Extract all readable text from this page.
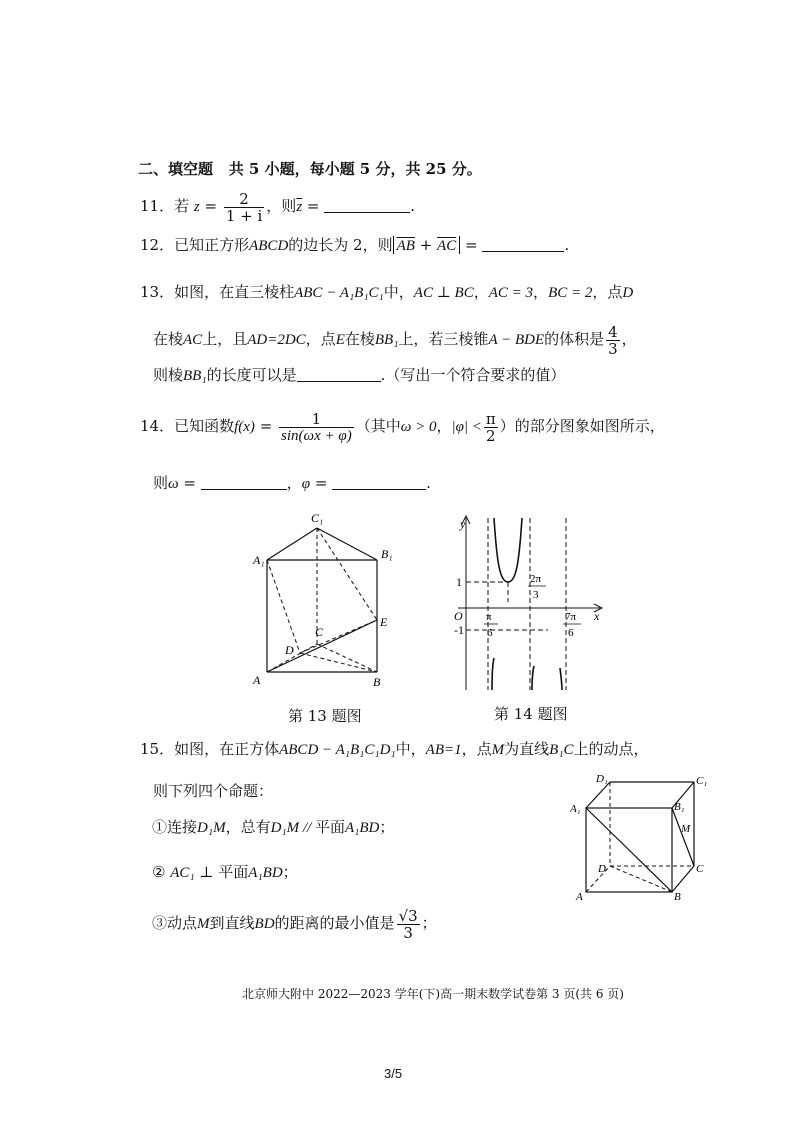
二、填空题 共 5 小题，每小题 5 分，共 25 分。
11．若 $z = \frac{2}{1 + i}$ ，则$\overline{z}$ =	.
12．已知正方形ABCD的边长为 2，则 $\overline{AB} + \overline{AC}$ =	.
13．如图，在直三棱柱ABC − A₁B₁C₁中，AC ⊥ BC，AC = 3，BC = 2，点D
在棱AC上，且AD=2DC，点E在棱BB₁上，若三棱锥A − BDE的体积是 $\frac{4}{3}$ ，
则棱BB₁的长度可以是	.（写出一个符合要求的值）
14．已知函数$f(x) = \frac{1}{\sin(\omega x + \varphi)}$ （其中ω > 0，$|\varphi| < \frac{\pi}{2}$ ）的部分图象如图所示，
则ω =	，φ =	.
C₁
A₁	B₁
C
D
E
A	B
y
x
O
1
-1
π
6
2π
3
7π
6
第 13 题图	第 14 题图
15．如图，在正方体ABCD − A₁B₁C₁D₁中，AB=1，点M为直线B₁C上的动点，
则下列四个命题：
①连接D₁M，总有D₁M // 平面A₁BD；
② AC₁ ⊥ 平面A₁BD；
③动点M到直线BD的距离的最小值是 $\frac{√3}{3}$ ；
D₁	C₁
A₁	B₁
M
D	C
A	B
北京师大附中 2022—2023 学年(下)高一期末数学试卷第 3 页(共 6 页)
3/5
